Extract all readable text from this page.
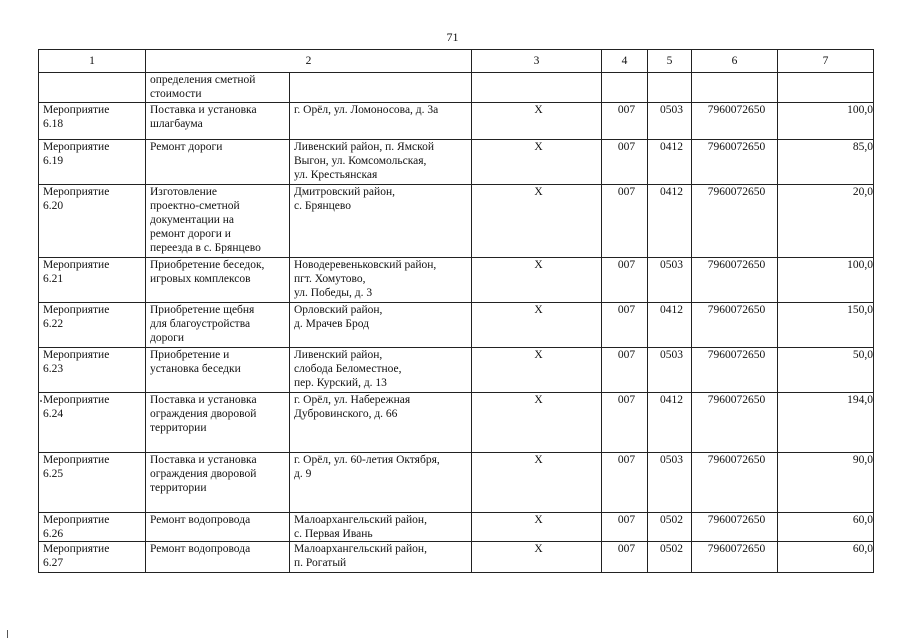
71
1	2		3	4	5	6	7

	определения сметной
стоимости						

Мероприятие
6.18	Поставка и установка
шлагбаума	г. Орёл, ул. Ломоносова, д. 3а	X	007	0503	7960072650	100,0

Мероприятие
6.19	Ремонт дороги	Ливенский район, п. Ямской
Выгон, ул. Комсомольская,
ул. Крестьянская	X	007	0412	7960072650	85,0

Мероприятие
6.20	Изготовление
проектно-сметной
документации на
ремонт дороги и
переезда в с. Брянцево	Дмитровский район,
с. Брянцево	X	007	0412	7960072650	20,0

Мероприятие
6.21	Приобретение беседок,
игровых комплексов	Новодеревеньковский район,
пгт. Хомутово,
ул. Победы, д. 3	X	007	0503	7960072650	100,0

Мероприятие
6.22	Приобретение щебня
для благоустройства
дороги	Орловский район,
д. Мрачев Брод	X	007	0412	7960072650	150,0

Мероприятие
6.23	Приобретение и
установка беседки	Ливенский район,
слобода Беломестное,
пер. Курский, д. 13	X	007	0503	7960072650	50,0

Мероприятие
6.24	Поставка и установка
ограждения дворовой
территории	г. Орёл, ул. Набережная
Дубровинского, д. 66	X	007	0412	7960072650	194,0

Мероприятие
6.25	Поставка и установка
ограждения дворовой
территории	г. Орёл, ул. 60-летия Октября,
д. 9	X	007	0503	7960072650	90,0

Мероприятие
6.26	Ремонт водопровода	Малоархангельский район,
с. Первая Ивань	X	007	0502	7960072650	60,0

Мероприятие
6.27	Ремонт водопровода	Малоархангельский район,
п. Рогатый	X	007	0502	7960072650	60,0
